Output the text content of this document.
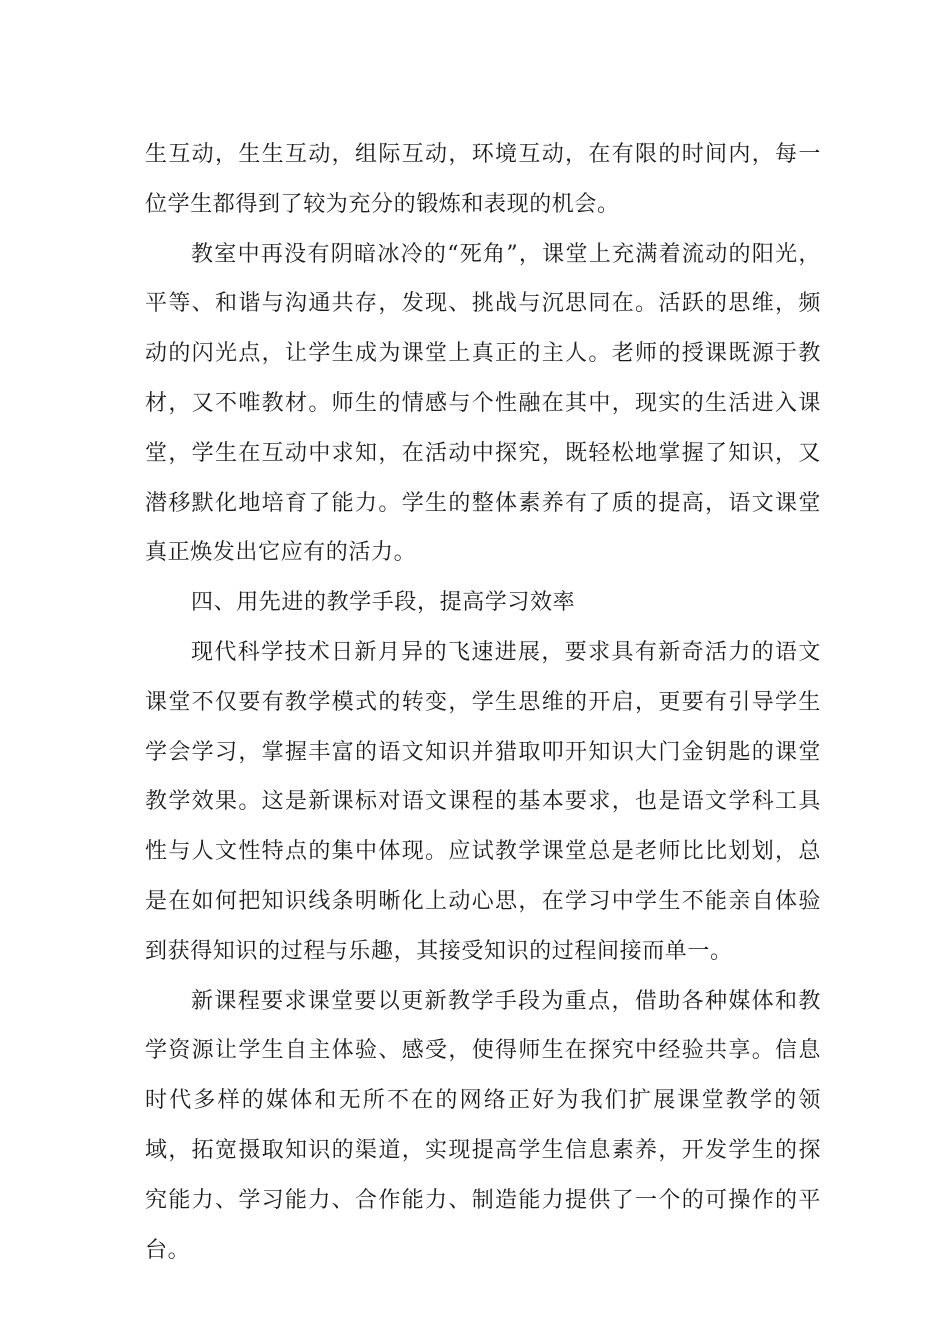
生互动，生生互动，组际互动，环境互动，在有限的时间内，每一位学生都得到了较为充分的锻炼和表现的机会。

教室中再没有阴暗冰冷的“死角”，课堂上充满着流动的阳光，平等、和谐与沟通共存，发现、挑战与沉思同在。活跃的思维，频动的闪光点，让学生成为课堂上真正的主人。老师的授课既源于教材，又不唯教材。师生的情感与个性融在其中，现实的生活进入课堂，学生在互动中求知，在活动中探究，既轻松地掌握了知识，又潜移默化地培育了能力。学生的整体素养有了质的提高，语文课堂真正焕发出它应有的活力。

四、用先进的教学手段，提高学习效率

现代科学技术日新月异的飞速进展，要求具有新奇活力的语文课堂不仅要有教学模式的转变，学生思维的开启，更要有引导学生学会学习，掌握丰富的语文知识并猎取叩开知识大门金钥匙的课堂教学效果。这是新课标对语文课程的基本要求，也是语文学科工具性与人文性特点的集中体现。应试教学课堂总是老师比比划划，总是在如何把知识线条明晰化上动心思，在学习中学生不能亲自体验到获得知识的过程与乐趣，其接受知识的过程间接而单一。

新课程要求课堂要以更新教学手段为重点，借助各种媒体和教学资源让学生自主体验、感受，使得师生在探究中经验共享。信息时代多样的媒体和无所不在的网络正好为我们扩展课堂教学的领域，拓宽摄取知识的渠道，实现提高学生信息素养，开发学生的探究能力、学习能力、合作能力、制造能力提供了一个的可操作的平台。
